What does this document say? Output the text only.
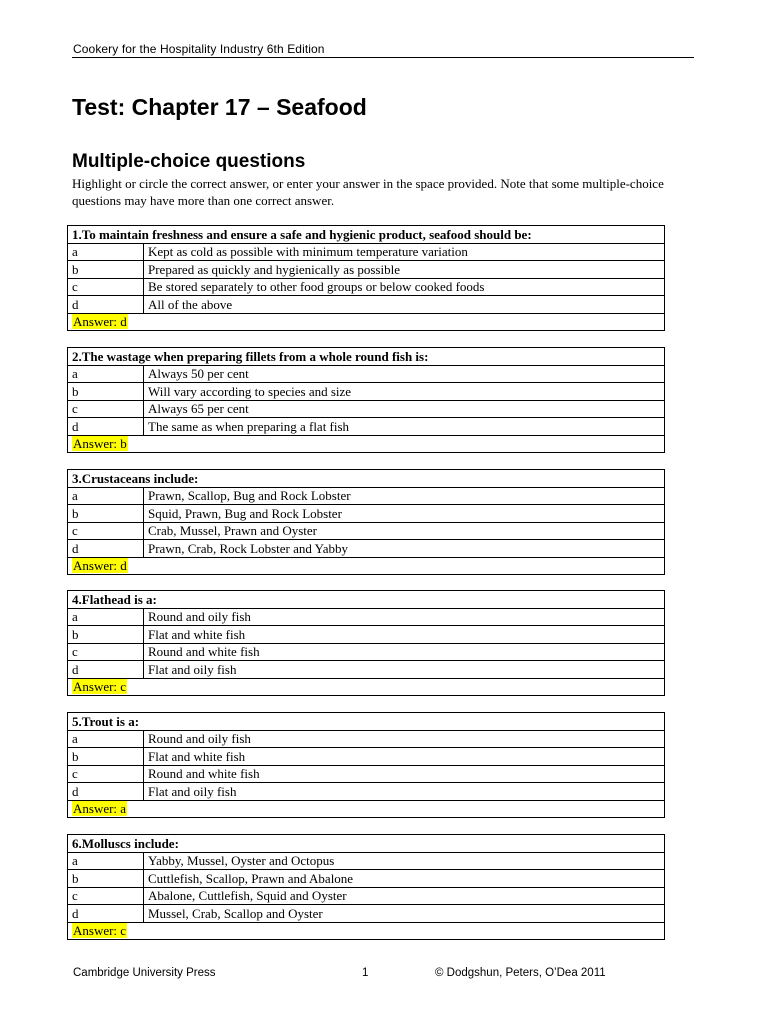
Cookery for the Hospitality Industry 6th Edition
Test: Chapter 17 – Seafood
Multiple-choice questions

Highlight or circle the correct answer, or enter your answer in the space provided. Note that some multiple-choice questions may have more than one correct answer.

1.To maintain freshness and ensure a safe and hygienic product, seafood should be:	
a	Kept as cold as possible with minimum temperature variation
b	Prepared as quickly and hygienically as possible
c	Be stored separately to other food groups or below cooked foods
d	All of the above
Answer: d	
2.The wastage when preparing fillets from a whole round fish is:	
a	Always 50 per cent
b	Will vary according to species and size
c	Always 65 per cent
d	The same as when preparing a flat fish
Answer: b	
3.Crustaceans include:	
a	Prawn, Scallop, Bug and Rock Lobster
b	Squid, Prawn, Bug and Rock Lobster
c	Crab, Mussel, Prawn and Oyster
d	Prawn, Crab, Rock Lobster and Yabby
Answer: d	
4.Flathead is a:	
a	Round and oily fish
b	Flat and white fish
c	Round and white fish
d	Flat and oily fish
Answer: c	
5.Trout is a:	
a	Round and oily fish
b	Flat and white fish
c	Round and white fish
d	Flat and oily fish
Answer: a	
6.Molluscs include:	
a	Yabby, Mussel, Oyster and Octopus
b	Cuttlefish, Scallop, Prawn and Abalone
c	Abalone, Cuttlefish, Squid and Oyster
d	Mussel, Crab, Scallop and Oyster
Answer: c	
Cambridge University Press	1	© Dodgshun, Peters, O’Dea 2011
